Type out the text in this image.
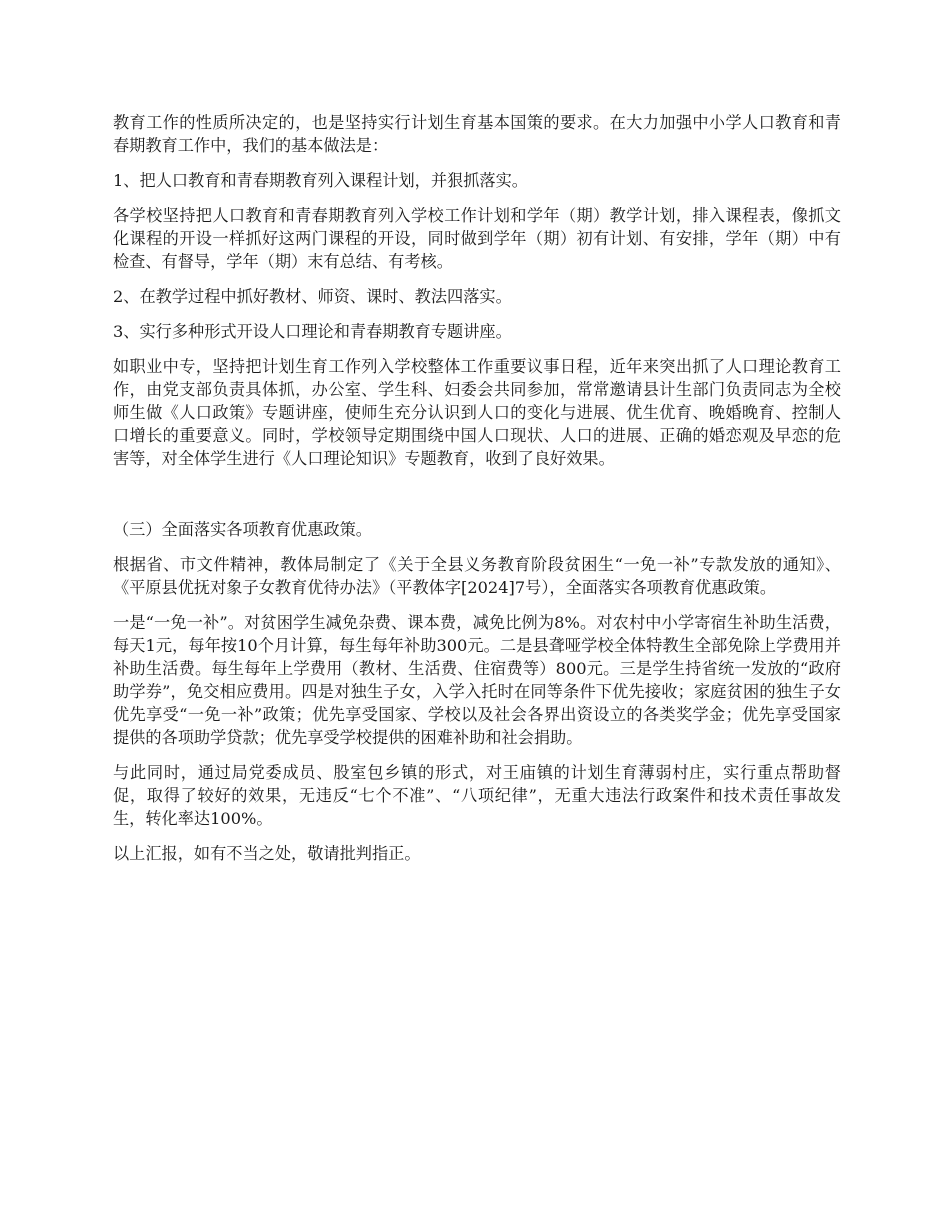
教育工作的性质所决定的，也是坚持实行计划生育基本国策的要求。在大力加强中小学人口教育和青春期教育工作中，我们的基本做法是：

1、把人口教育和青春期教育列入课程计划，并狠抓落实。

各学校坚持把人口教育和青春期教育列入学校工作计划和学年（期）教学计划，排入课程表，像抓文化课程的开设一样抓好这两门课程的开设，同时做到学年（期）初有计划、有安排，学年（期）中有检查、有督导，学年（期）末有总结、有考核。

2、在教学过程中抓好教材、师资、课时、教法四落实。

3、实行多种形式开设人口理论和青春期教育专题讲座。

如职业中专，坚持把计划生育工作列入学校整体工作重要议事日程，近年来突出抓了人口理论教育工作，由党支部负责具体抓，办公室、学生科、妇委会共同参加，常常邀请县计生部门负责同志为全校师生做《人口政策》专题讲座，使师生充分认识到人口的变化与进展、优生优育、晚婚晚育、控制人口增长的重要意义。同时，学校领导定期围绕中国人口现状、人口的进展、正确的婚恋观及早恋的危害等，对全体学生进行《人口理论知识》专题教育，收到了良好效果。

（三）全面落实各项教育优惠政策。

根据省、市文件精神，教体局制定了《关于全县义务教育阶段贫困生“一免一补”专款发放的通知》、《平原县优抚对象子女教育优待办法》（平教体字[2024]7号），全面落实各项教育优惠政策。

一是“一免一补”。对贫困学生减免杂费、课本费，减免比例为8%。对农村中小学寄宿生补助生活费，每天1元，每年按10个月计算，每生每年补助300元。二是县聋哑学校全体特教生全部免除上学费用并补助生活费。每生每年上学费用（教材、生活费、住宿费等）800元。三是学生持省统一发放的“政府助学券”，免交相应费用。四是对独生子女，入学入托时在同等条件下优先接收；家庭贫困的独生子女优先享受“一免一补”政策；优先享受国家、学校以及社会各界出资设立的各类奖学金；优先享受国家提供的各项助学贷款；优先享受学校提供的困难补助和社会捐助。

与此同时，通过局党委成员、股室包乡镇的形式，对王庙镇的计划生育薄弱村庄，实行重点帮助督促，取得了较好的效果，无违反“七个不准”、“八项纪律”，无重大违法行政案件和技术责任事故发生，转化率达100%。

以上汇报，如有不当之处，敬请批判指正。
